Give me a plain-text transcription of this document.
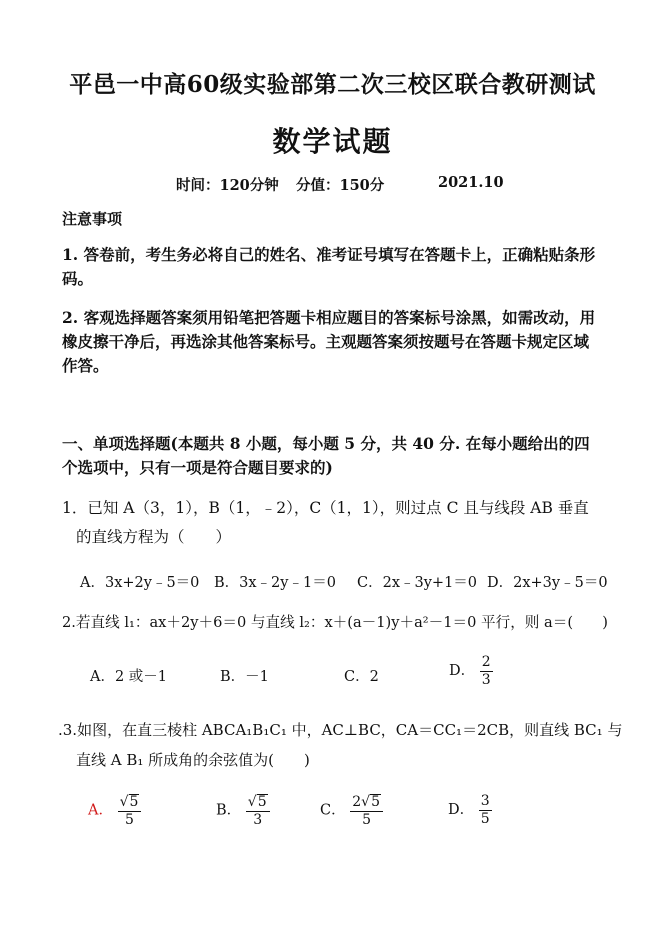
平邑一中高60级实验部第二次三校区联合教研测试
数学试题
时间：120分钟 分值：150分	2021.10
注意事项
1. 答卷前，考生务必将自己的姓名、准考证号填写在答题卡上，正确粘贴条形
码。
2. 客观选择题答案须用铅笔把答题卡相应题目的答案标号涂黑，如需改动，用
橡皮擦干净后，再选涂其他答案标号。主观题答案须按题号在答题卡规定区域
作答。
一、单项选择题(本题共 8 小题，每小题 5 分，共 40 分. 在每小题给出的四
个选项中，只有一项是符合题目要求的)
1．已知 A（3，1），B（1，﹣2），C（1，1），则过点 C 且与线段 AB 垂直
的直线方程为（　　）
A．3x+2y﹣5＝0 B．3x﹣2y﹣1＝0 C．2x﹣3y+1＝0 D．2x+3y﹣5＝0
2.若直线 l₁：ax＋2y＋6＝0 与直线 l₂：x＋(a－1)y＋a²－1＝0 平行，则 a＝(　　)
A．2 或－1	B．－1	C．2	D． $\frac{2}{3}$
.3.如图，在直三棱柱 ABCA₁B₁C₁ 中，AC⊥BC，CA＝CC₁＝2CB，则直线 BC₁ 与
直线 A B₁ 所成角的余弦值为(　　)
A． $\frac{√ 5}{5}$	B． $\frac{√ 5}{3}$	C． $\frac{2 √ 5}{5}$	D． $\frac{3}{5}$
